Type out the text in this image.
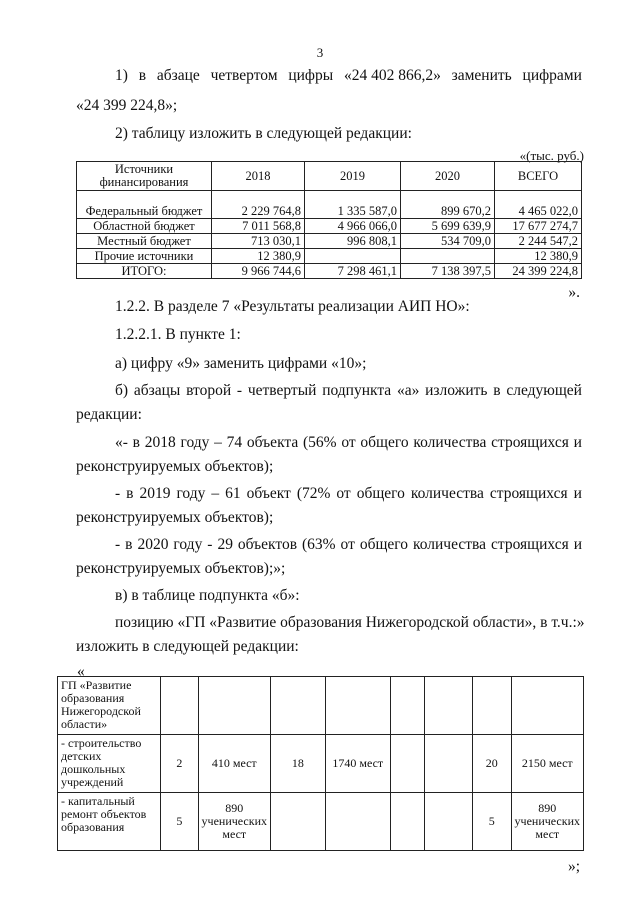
3
1) в абзаце четвертом цифры «24 402 866,2» заменить цифрами
«24 399 224,8»;
2) таблицу изложить в следующей редакции:
«(тыс. руб.)
Источники финансирования	2018	2019	2020	ВСЕГО
Федеральный бюджет	2 229 764,8	1 335 587,0	899 670,2	4 465 022,0
Областной бюджет	7 011 568,8	4 966 066,0	5 699 639,9	17 677 274,7
Местный бюджет	713 030,1	996 808,1	534 709,0	2 244 547,2
Прочие источники	12 380,9			12 380,9
ИТОГО:	9 966 744,6	7 298 461,1	7 138 397,5	24 399 224,8
».
1.2.2. В разделе 7 «Результаты реализации АИП НО»:
1.2.2.1. В пункте 1:
а) цифру «9» заменить цифрами «10»;
б) абзацы второй - четвертый подпункта «а» изложить в следующей
редакции:
«- в 2018 году – 74 объекта (56% от общего количества строящихся и
реконструируемых объектов);
- в 2019 году – 61 объект (72% от общего количества строящихся и
реконструируемых объектов);
- в 2020 году - 29 объектов (63% от общего количества строящихся и
реконструируемых объектов);»;
в) в таблице подпункта «б»:
позицию «ГП «Развитие образования Нижегородской области», в т.ч.:»
изложить в следующей редакции:
«
ГП «Развитие образования Нижегородской области»								
- строительство детских дошкольных учреждений	2	410 мест	18	1740 мест			20	2150 мест
- капитальный ремонт объектов образования	5	890 ученических мест					5	890 ученических мест
»;
